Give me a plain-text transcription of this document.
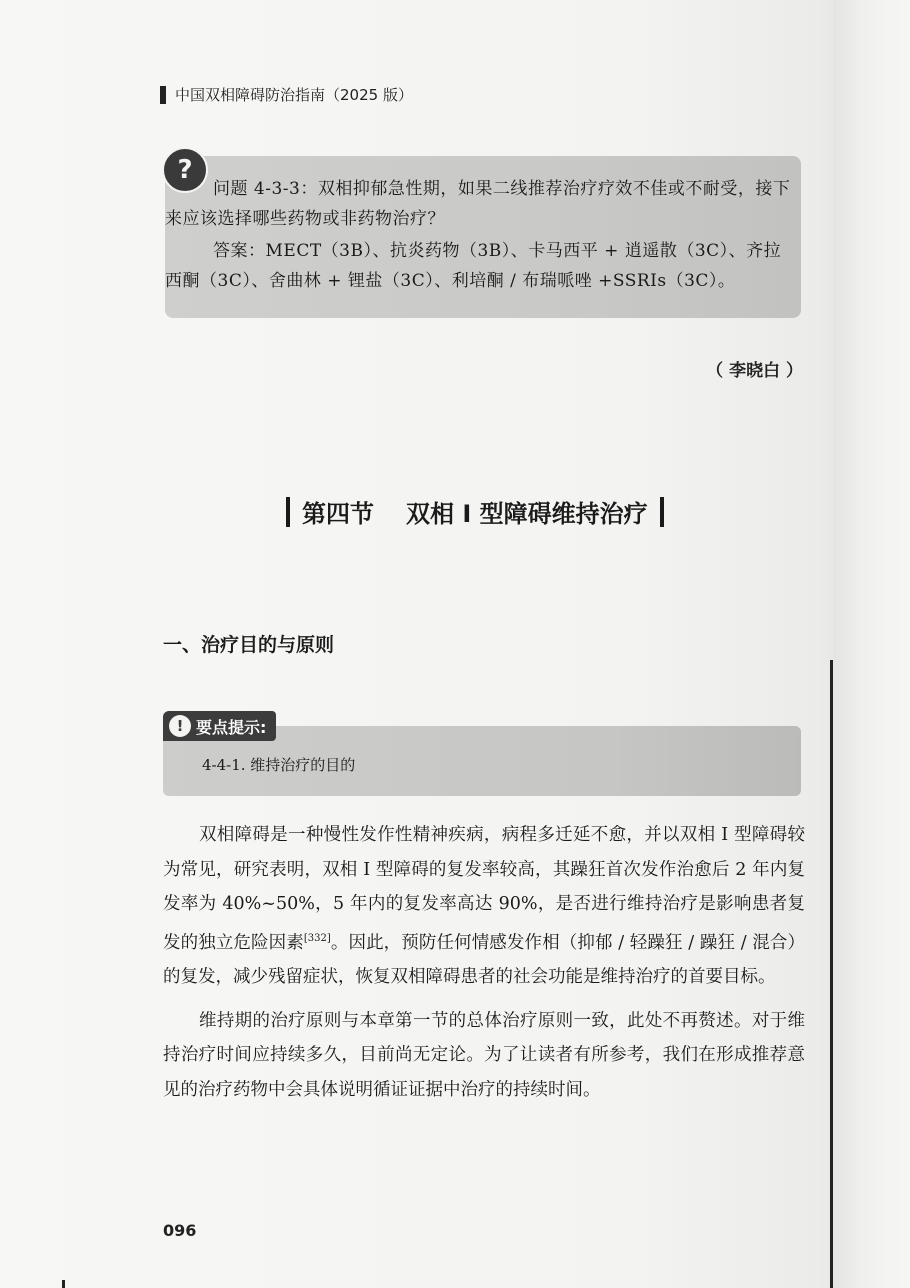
中国双相障碍防治指南（2025 版）
?

问题 4-3-3：双相抑郁急性期，如果二线推荐治疗疗效不佳或不耐受，接下来应该选择哪些药物或非药物治疗？

答案：MECT（3B）、抗炎药物（3B）、卡马西平 + 逍遥散（3C）、齐拉西酮（3C）、舍曲林 + 锂盐（3C）、利培酮 / 布瑞哌唑 +SSRIs（3C）。

（ 李晓白 ）
第四节 双相 I 型障碍维持治疗
一、治疗目的与原则
! 要点提示:
4-4-1. 维持治疗的目的

双相障碍是一种慢性发作性精神疾病，病程多迁延不愈，并以双相 I 型障碍较为常见，研究表明，双相 I 型障碍的复发率较高，其躁狂首次发作治愈后 2 年内复发率为 40%~50%，5 年内的复发率高达 90%，是否进行维持治疗是影响患者复发的独立危险因素[332]。因此，预防任何情感发作相（抑郁 / 轻躁狂 / 躁狂 / 混合）的复发，减少残留症状，恢复双相障碍患者的社会功能是维持治疗的首要目标。

维持期的治疗原则与本章第一节的总体治疗原则一致，此处不再赘述。对于维持治疗时间应持续多久，目前尚无定论。为了让读者有所参考，我们在形成推荐意见的治疗药物中会具体说明循证证据中治疗的持续时间。

096
